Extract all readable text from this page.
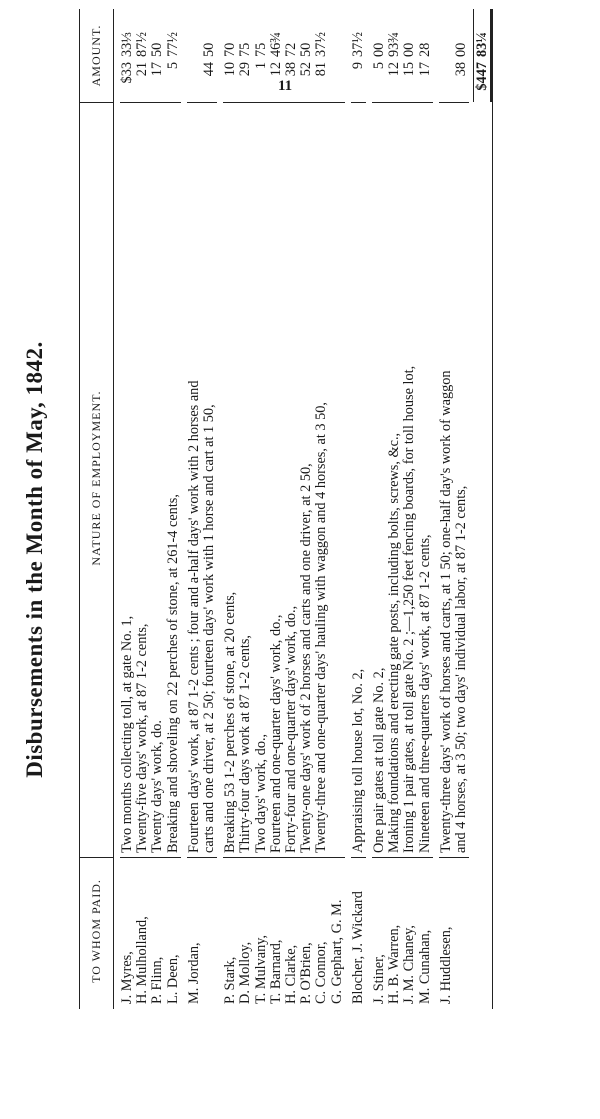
11
Disbursements in the Month of May, 1842.
TO WHOM PAID.
NATURE OF EMPLOYMENT.
AMOUNT.
J. Myres,
Two months collecting toll, at gate No. 1,
$33
33⅓
H. Mulholland,
Twenty-five days' work, at 87 1-2 cents,
21
87½
P. Flinn,
Twenty days' work, do.
17
50
L. Deen,
Breaking and shoveling on 22 perches of stone, at 261-4 cents,
5
77½
M. Jordan,
Fourteen days' work, at 87 1-2 cents ; four and a-half days' work with 2 horses and carts and one driver, at 2 50; fourteen days' work with 1 horse and cart at 1 50,
44
50
P. Stark,
Breaking 53 1-2 perches of stone, at 20 cents,
10
70
D. Molloy,
Thirty-four days work at 87 1-2 cents,
29
75
T. Mulvany,
Two days' work, do.,
1
75
T. Barnard,
Fourteen and one-quarter days' work, do.,
12
46¾
H. Clarke,
Forty-four and one-quarter days' work, do.,
38
72
P. O'Brien,
Twenty-one days' work of 2 horses and carts and one driver, at 2 50,
52
50
C. Connor,
Twenty-three and one-quarter days' hauling with waggon and 4 horses, at 3 50,
81
37½
G. Gephart, G. M. Blocher, J. Wickard
Appraising toll house lot, No. 2,
9
37½
J. Stiner,
One pair gates at toll gate No. 2,
5
00
H. B. Warren,
Making foundations and erecting gate posts, including bolts, screws, &c.,
12
93¾
J. M. Chaney,
Ironing 1 pair gates, at toll gate No. 2 ;—1,250 feet fencing boards, for toll house lot,
15
00
M. Cunahan,
Nineteen and three-quarters days' work, at 87 1-2 cents,
17
28
J. Huddlesen,
Twenty-three days' work of horses and carts, at 1 50; one-half day's work of waggon and 4 horses, at 3 50; two days' individual labor, at 87 1-2 cents,
38
00
$447
83¼
